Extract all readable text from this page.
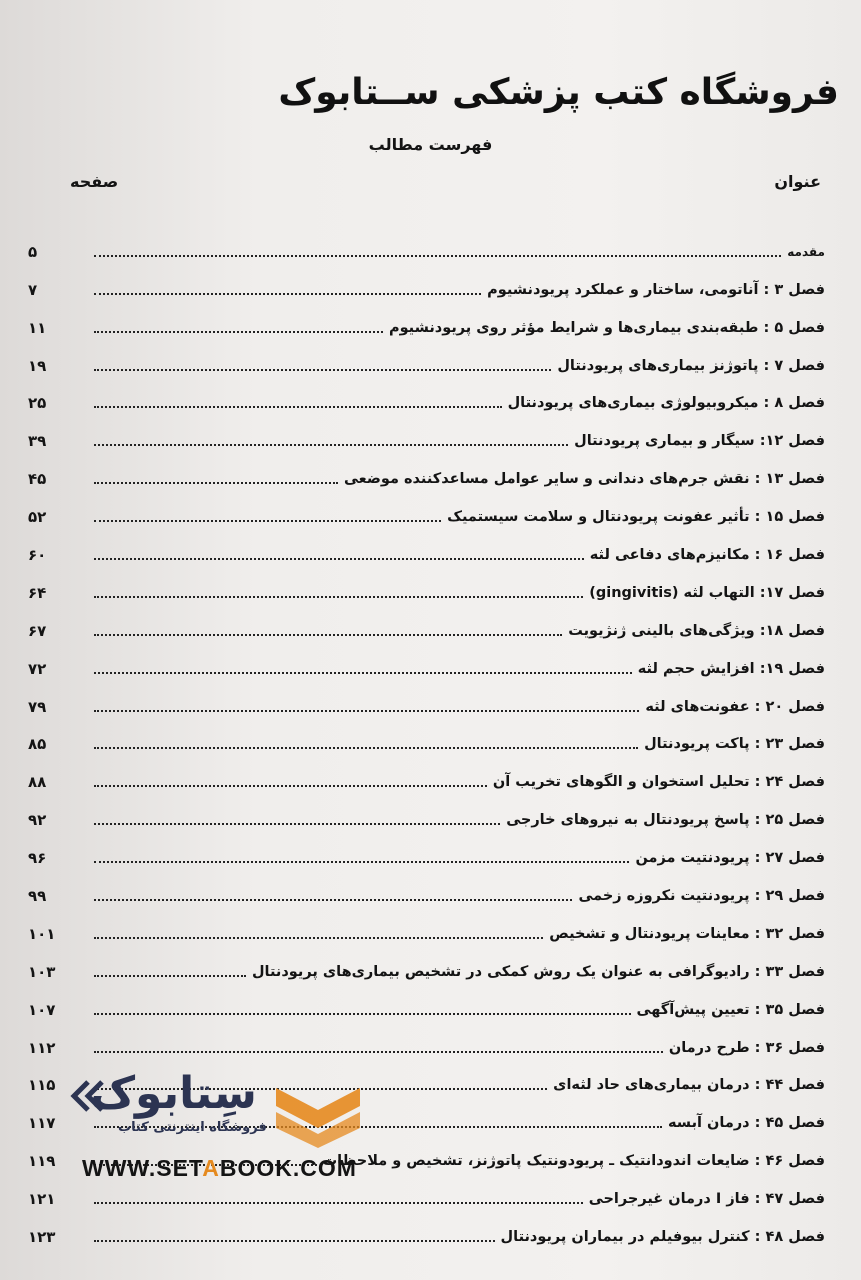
فروشگاه کتب پزشکی ســتابوک
فهرست مطالب
عنوان
صفحه
مقدمه
۵
فصل ۳ : آناتومی، ساختار و عملکرد پریودنشیوم
۷
فصل ۵ : طبقه‌بندی بیماری‌ها و شرایط مؤثر روی پریودنشیوم
۱۱
فصل ۷ : پاتوژنز بیماری‌های پریودنتال
۱۹
فصل ۸ : میکروبیولوژی بیماری‌های پریودنتال
۲۵
فصل ۱۲: سیگار و بیماری پریودنتال
۳۹
فصل ۱۳ : نقش جرم‌های دندانی و سایر عوامل مساعدکننده موضعی
۴۵
فصل ۱۵ : تأثیر عفونت پریودنتال و سلامت سیستمیک
۵۲
فصل ۱۶ : مکانیزم‌های دفاعی لثه
۶۰
فصل ۱۷: التهاب لثه (gingivitis)
۶۴
فصل ۱۸: ویژگی‌های بالینی ژنژیویت
۶۷
فصل ۱۹: افزایش حجم لثه
۷۲
فصل ۲۰ : عفونت‌های لثه
۷۹
فصل ۲۳ : پاکت پریودنتال
۸۵
فصل ۲۴ : تحلیل استخوان و الگوهای تخریب آن
۸۸
فصل ۲۵ : پاسخ پریودنتال به نیروهای خارجی
۹۲
فصل ۲۷ : پریودنتیت مزمن
۹۶
فصل ۲۹ : پریودنتیت نکروزه زخمی
۹۹
فصل ۳۲ : معاینات پریودنتال و تشخیص
۱۰۱
فصل ۳۳ : رادیوگرافی به عنوان یک روش کمکی در تشخیص بیماری‌های پریودنتال
۱۰۳
فصل ۳۵ : تعیین پیش‌آگهی
۱۰۷
فصل ۳۶ : طرح درمان
۱۱۲
فصل ۴۴ : درمان بیماری‌های حاد لثه‌ای
۱۱۵
فصل ۴۵ : درمان آبسه
۱۱۷
فصل ۴۶ : ضایعات اندودانتیک ـ پریودونتیک پاتوژنز، تشخیص و ملاحظات
۱۱۹
فصل ۴۷ : فاز I درمان غیرجراحی
۱۲۱
فصل ۴۸ : کنترل بیوفیلم در بیماران پریودنتال
۱۲۳
سِتابوک
فروشگاه اینترنتی کتاب
WWW.SETABOOK.COM
